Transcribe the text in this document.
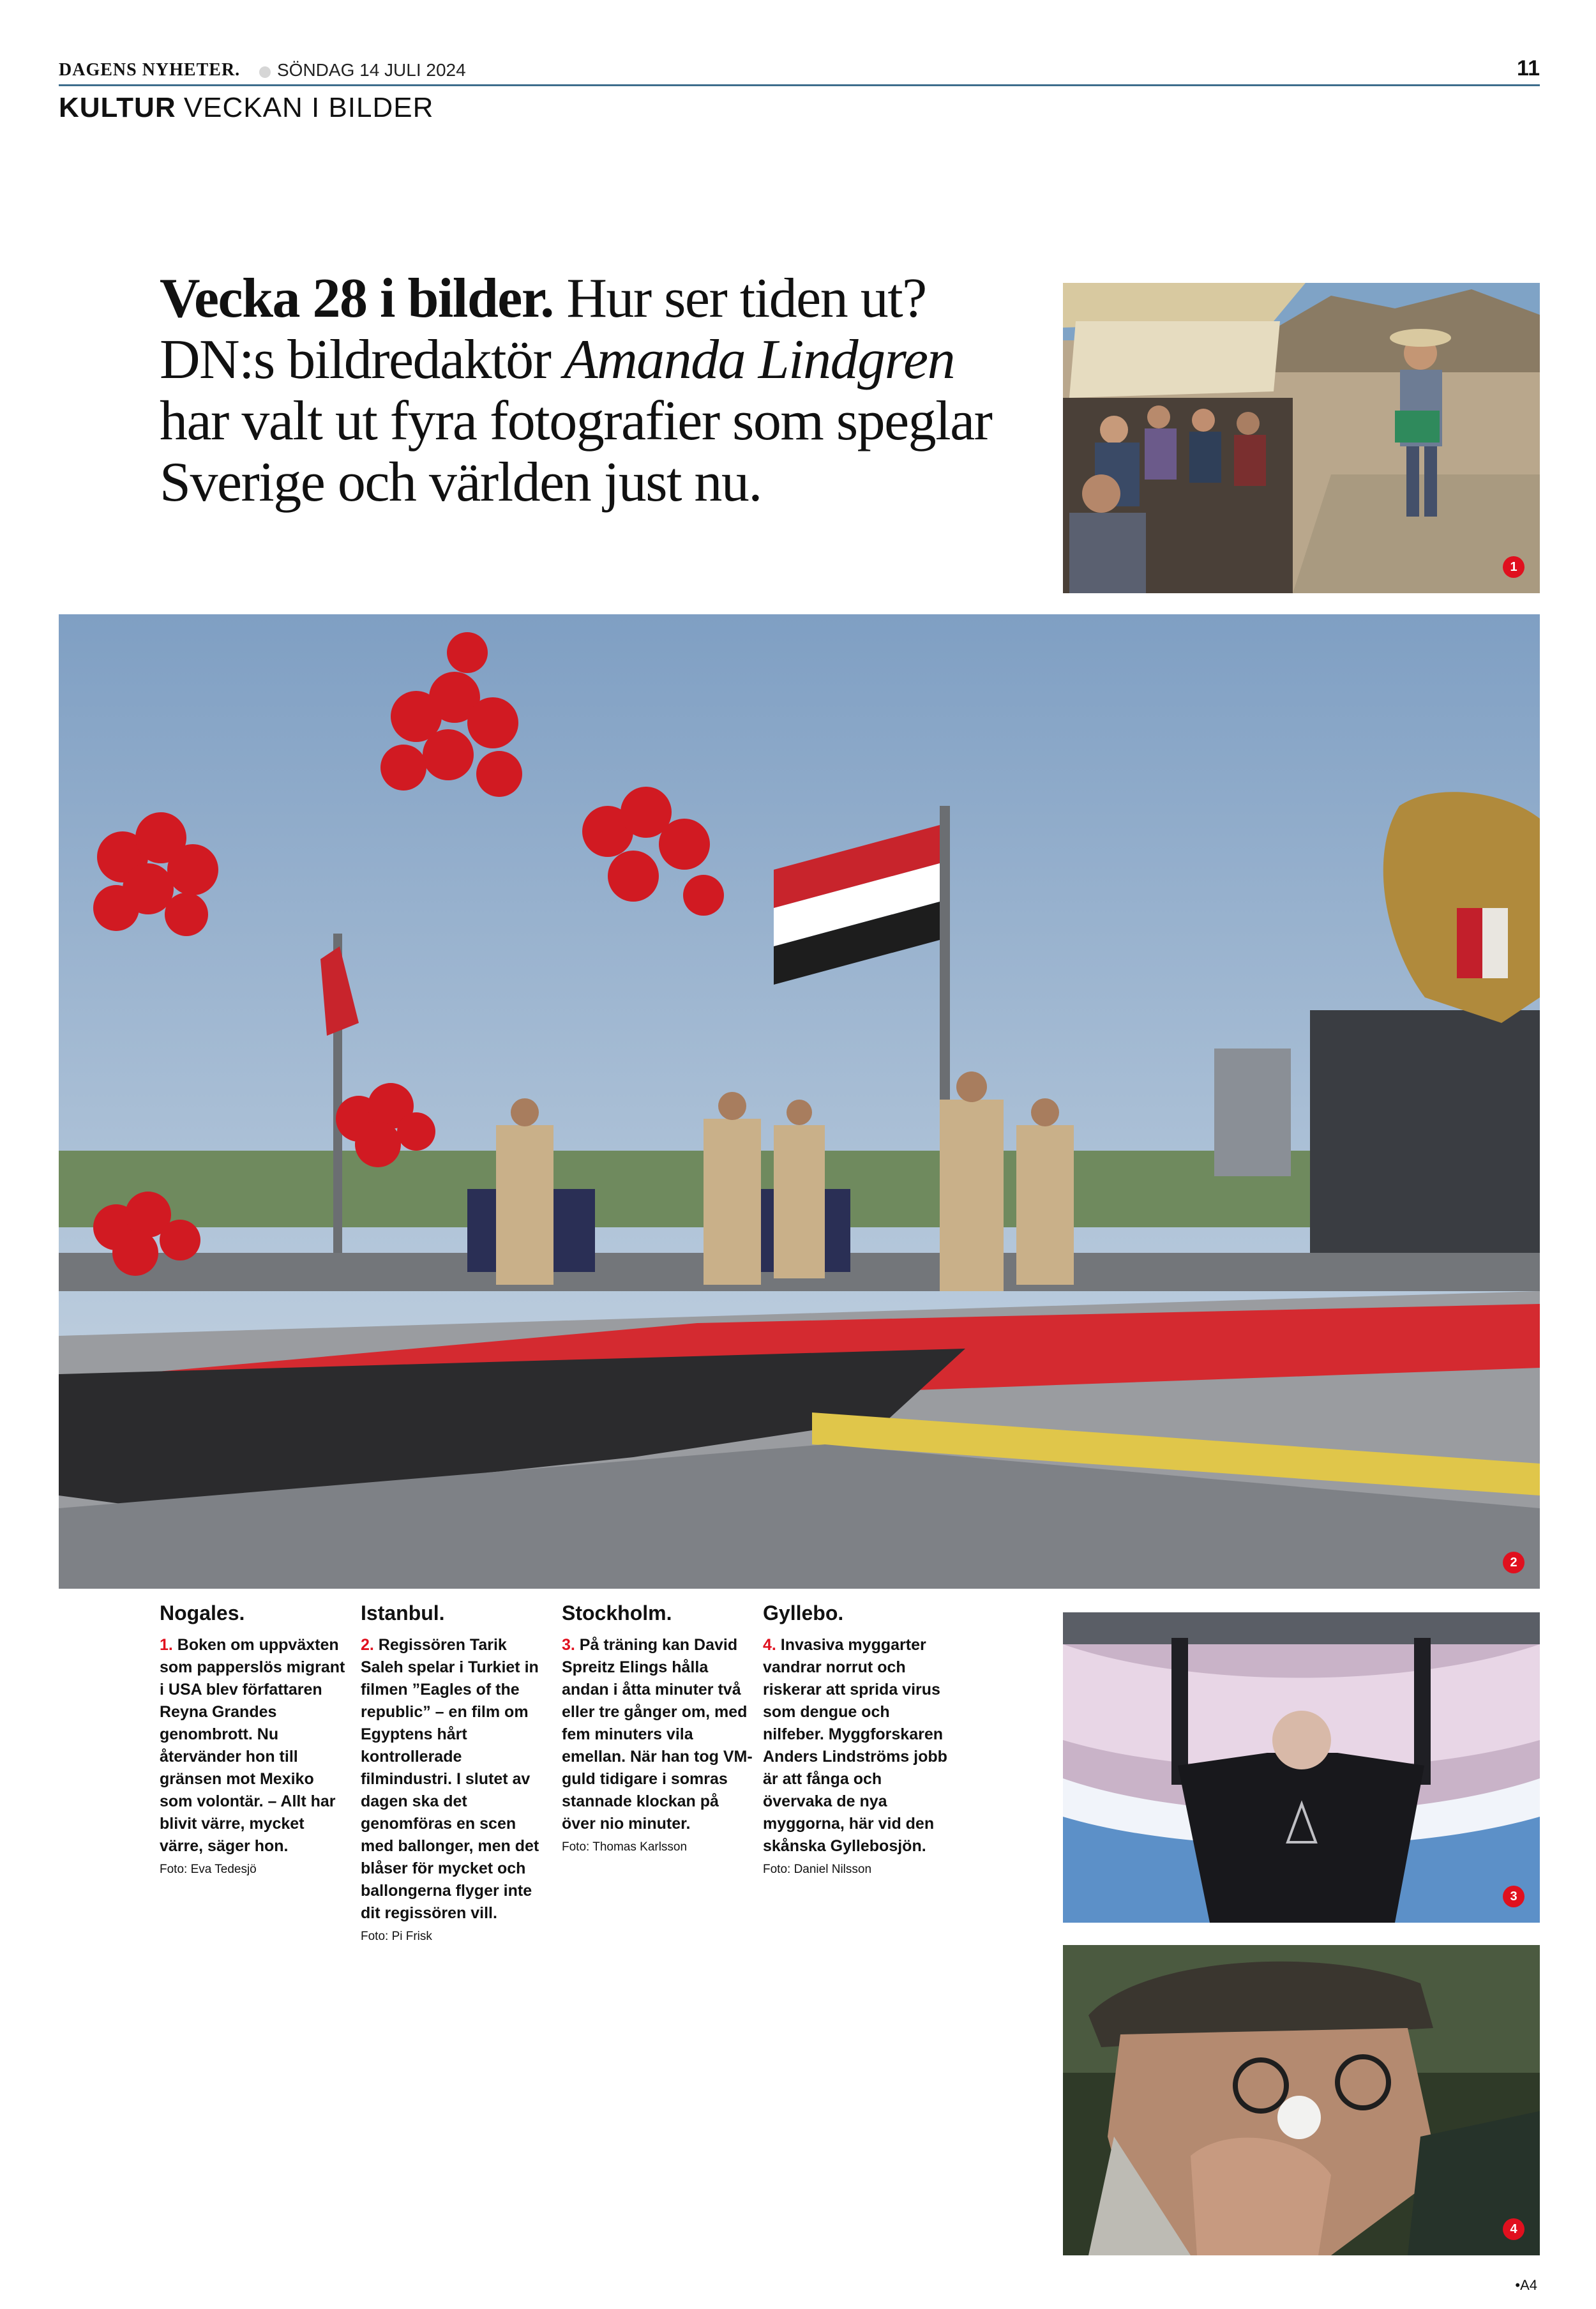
DAGENS NYHETER. SÖNDAG 14 JULI 2024	11
KULTUR VECKAN I BILDER
Vecka 28 i bilder. Hur ser tiden ut?
DN:s bildredaktör Amanda Lindgren har valt ut fyra fotografier som speglar Sverige och världen just nu.
1
2
Nogales.
1. Boken om uppväxten som papperslös migrant i USA blev författaren Reyna Grandes genombrott. Nu återvänder hon till gränsen mot Mexiko som volontär. – Allt har blivit värre, mycket värre, säger hon.
Foto: Eva Tedesjö
Istanbul.
2. Regissören Tarik Saleh spelar i Turkiet in filmen ”Eagles of the republic” – en film om Egyptens hårt kontrollerade filmindustri. I slutet av dagen ska det genomföras en scen med ballonger, men det blåser för mycket och ballongerna flyger inte dit regissören vill.
Foto: Pi Frisk
Stockholm.
3. På träning kan David Spreitz Elings hålla andan i åtta minuter två eller tre gånger om, med fem minuters vila emellan. När han tog VM-guld tidigare i somras stannade klockan på över nio minuter.
Foto: Thomas Karlsson
Gyllebo.
4. Invasiva myggarter vandrar norrut och riskerar att sprida virus som dengue och nilfeber. Myggforskaren Anders Lindströms jobb är att fånga och övervaka de nya myggorna, här vid den skånska Gyllebosjön.
Foto: Daniel Nilsson
3
4
•A4
